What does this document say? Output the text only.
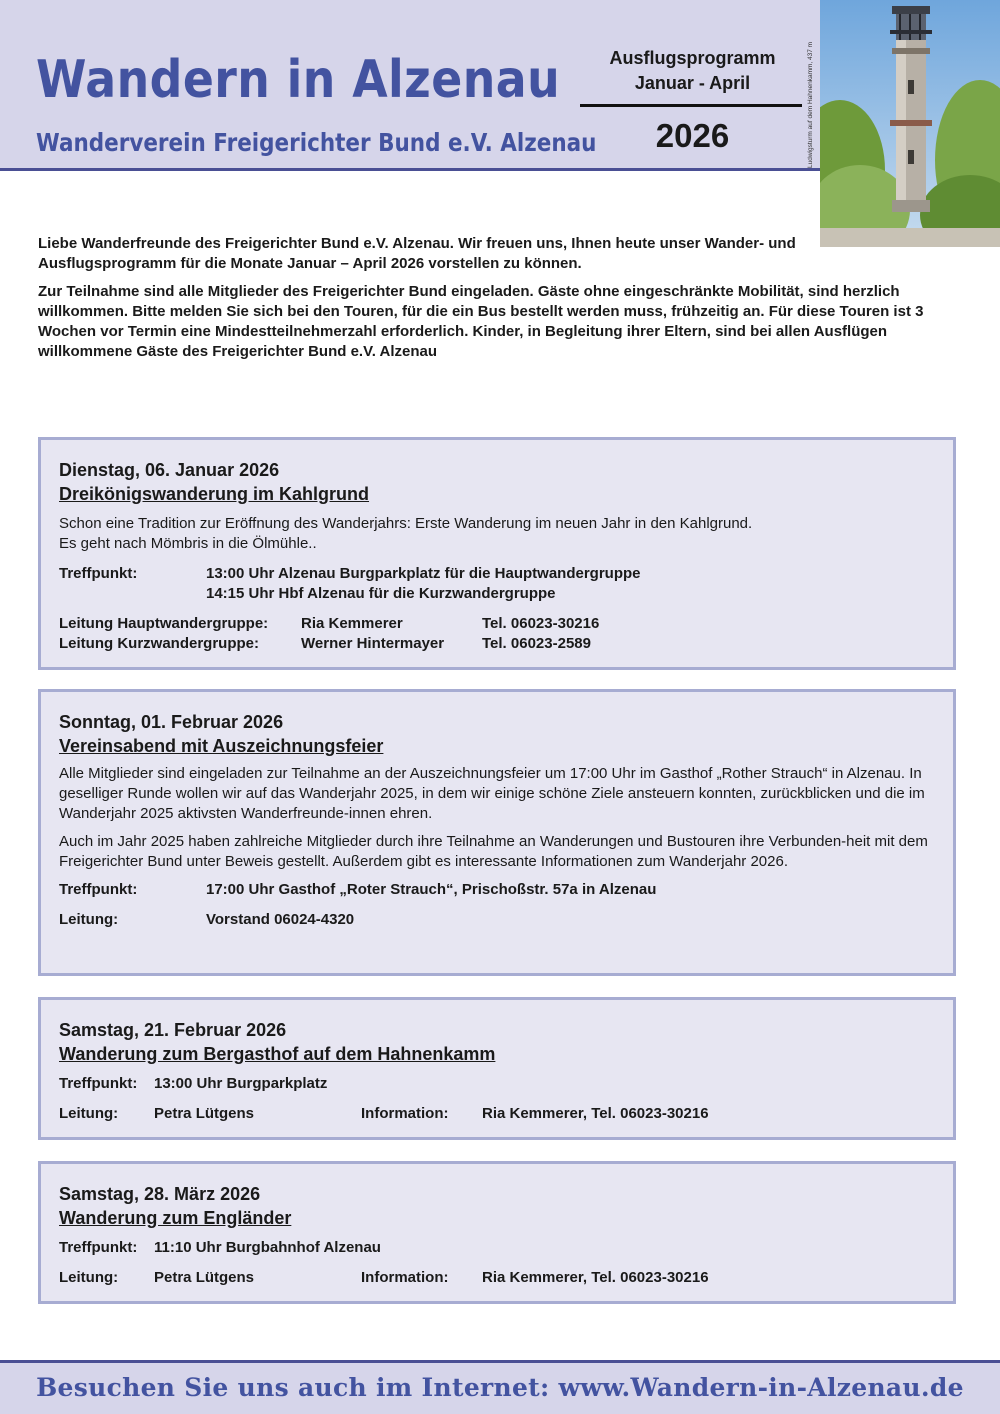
Wandern in Alzenau
Wanderverein Freigerichter Bund e.V. Alzenau
Ausflugsprogramm
Januar - April
2026	Ludwigsturm auf dem Hahnenkamm, 437 m

Liebe Wanderfreunde des Freigerichter Bund e.V. Alzenau. Wir freuen uns, Ihnen heute unser Wander- und Ausflugsprogramm für die Monate Januar – April 2026 vorstellen zu können.

Zur Teilnahme sind alle Mitglieder des Freigerichter Bund eingeladen. Gäste ohne eingeschränkte Mobilität, sind herzlich willkommen. Bitte melden Sie sich bei den Touren, für die ein Bus bestellt werden muss, frühzeitig an. Für diese Touren ist 3 Wochen vor Termin eine Mindestteilnehmerzahl erforderlich. Kinder, in Begleitung ihrer Eltern, sind bei allen Ausflügen willkommene Gäste des Freigerichter Bund e.V. Alzenau

Dienstag, 06. Januar 2026
Dreikönigswanderung im Kahlgrund
Schon eine Tradition zur Eröffnung des Wanderjahrs: Erste Wanderung im neuen Jahr in den Kahlgrund.
Es geht nach Mömbris in die Ölmühle..
Treffpunkt:	13:00 Uhr Alzenau Burgparkplatz für die Hauptwandergruppe
14:15 Uhr Hbf Alzenau für die Kurzwandergruppe
Leitung Hauptwandergruppe: Ria Kemmerer	Tel. 06023-30216
Leitung Kurzwandergruppe:	Werner Hintermayer	Tel. 06023-2589
Sonntag, 01. Februar 2026
Vereinsabend mit Auszeichnungsfeier

Alle Mitglieder sind eingeladen zur Teilnahme an der Auszeichnungsfeier um 17:00 Uhr im Gasthof „Rother Strauch“ in Alzenau. In geselliger Runde wollen wir auf das Wanderjahr 2025, in dem wir einige schöne Ziele ansteuern konnten, zurückblicken und die im Wanderjahr 2025 aktivsten Wanderfreunde-innen ehren.

Auch im Jahr 2025 haben zahlreiche Mitglieder durch ihre Teilnahme an Wanderungen und Bustouren ihre Verbunden-heit mit dem Freigerichter Bund unter Beweis gestellt. Außerdem gibt es interessante Informationen zum Wanderjahr 2026.

Treffpunkt:	17:00 Uhr Gasthof „Roter Strauch“, Prischoßstr. 57a in Alzenau
Leitung:	Vorstand 06024-4320
Samstag, 21. Februar 2026
Wanderung zum Bergasthof auf dem Hahnenkamm
Treffpunkt: 13:00 Uhr Burgparkplatz
Leitung: Petra Lütgens	Information: Ria Kemmerer, Tel. 06023-30216
Samstag, 28. März 2026
Wanderung zum Engländer
Treffpunkt: 11:10 Uhr Burgbahnhof Alzenau
Leitung: Petra Lütgens	Information: Ria Kemmerer, Tel. 06023-30216
Besuchen Sie uns auch im Internet: www.Wandern-in-Alzenau.de
